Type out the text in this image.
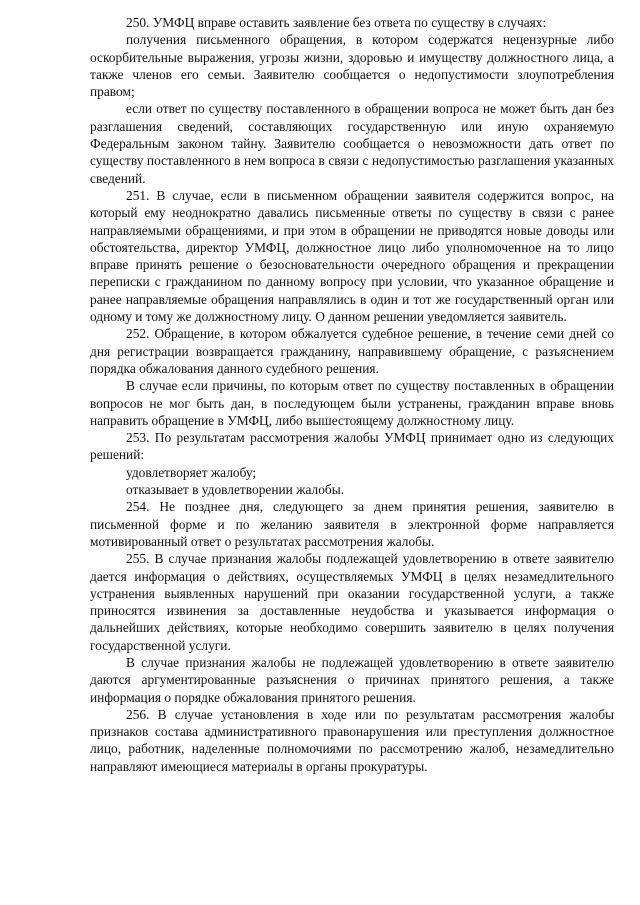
250. УМФЦ вправе оставить заявление без ответа по существу в случаях:

получения письменного обращения, в котором содержатся нецензурные либо оскорбительные выражения, угрозы жизни, здоровью и имуществу должностного лица, а также членов его семьи. Заявителю сообщается о недопустимости злоупотребления правом;

если ответ по существу поставленного в обращении вопроса не может быть дан без разглашения сведений, составляющих государственную или иную охраняемую Федеральным законом тайну. Заявителю сообщается о невозможности дать ответ по существу поставленного в нем вопроса в связи с недопустимостью разглашения указанных сведений.

251. В случае, если в письменном обращении заявителя содержится вопрос, на который ему неоднократно давались письменные ответы по существу в связи с ранее направляемыми обращениями, и при этом в обращении не приводятся новые доводы или обстоятельства, директор УМФЦ, должностное лицо либо уполномоченное на то лицо вправе принять решение о безосновательности очередного обращения и прекращении переписки с гражданином по данному вопросу при условии, что указанное обращение и ранее направляемые обращения направлялись в один и тот же государственный орган или одному и тому же должностному лицу. О данном решении уведомляется заявитель.

252. Обращение, в котором обжалуется судебное решение, в течение семи дней со дня регистрации возвращается гражданину, направившему обращение, с разъяснением порядка обжалования данного судебного решения.

В случае если причины, по которым ответ по существу поставленных в обращении вопросов не мог быть дан, в последующем были устранены, гражданин вправе вновь направить обращение в УМФЦ, либо вышестоящему должностному лицу.

253. По результатам рассмотрения жалобы УМФЦ принимает одно из следующих решений:

удовлетворяет жалобу;

отказывает в удовлетворении жалобы.

254. Не позднее дня, следующего за днем принятия решения, заявителю в письменной форме и по желанию заявителя в электронной форме направляется мотивированный ответ о результатах рассмотрения жалобы.

255. В случае признания жалобы подлежащей удовлетворению в ответе заявителю дается информация о действиях, осуществляемых УМФЦ в целях незамедлительного устранения выявленных нарушений при оказании государственной услуги, а также приносятся извинения за доставленные неудобства и указывается информация о дальнейших действиях, которые необходимо совершить заявителю в целях получения государственной услуги.

В случае признания жалобы не подлежащей удовлетворению в ответе заявителю даются аргументированные разъяснения о причинах принятого решения, а также информация о порядке обжалования принятого решения.

256. В случае установления в ходе или по результатам рассмотрения жалобы признаков состава административного правонарушения или преступления должностное лицо, работник, наделенные полномочиями по рассмотрению жалоб, незамедлительно направляют имеющиеся материалы в органы прокуратуры.
